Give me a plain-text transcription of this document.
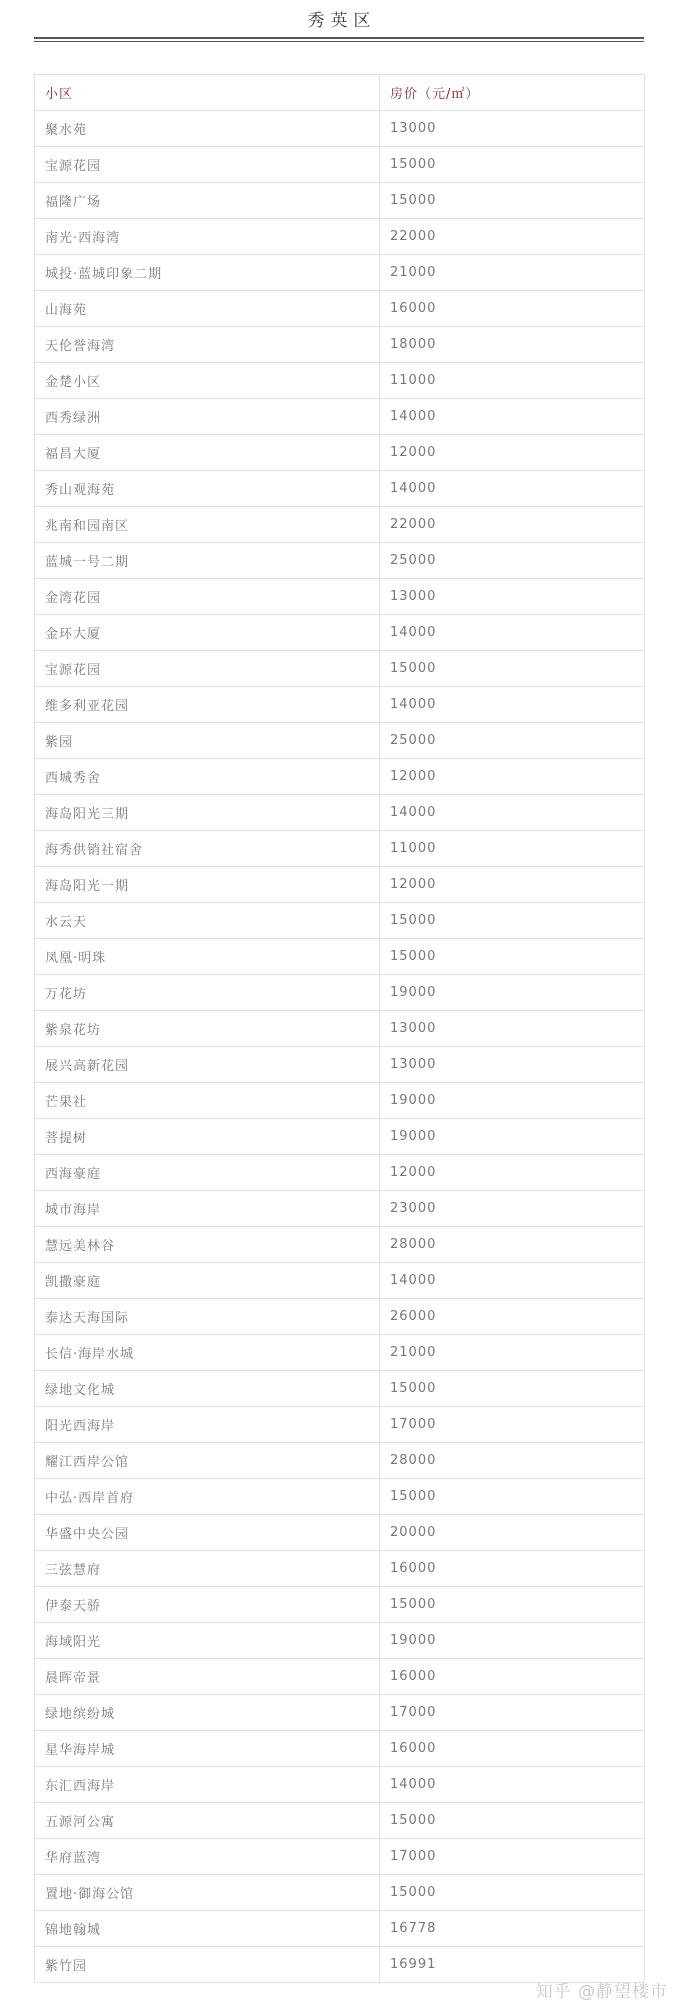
秀英区
小区	房价（元/㎡）
聚水苑	13000
宝源花园	15000
福隆广场	15000
南光·西海湾	22000
城投·蓝城印象二期	21000
山海苑	16000
天伦誉海湾	18000
金楚小区	11000
西秀绿洲	14000
福昌大厦	12000
秀山观海苑	14000
兆南和园南区	22000
蓝城一号二期	25000
金湾花园	13000
金环大厦	14000
宝源花园	15000
维多利亚花园	14000
紫园	25000
西城秀舍	12000
海岛阳光三期	14000
海秀供销社宿舍	11000
海岛阳光一期	12000
水云天	15000
凤凰·明珠	15000
万花坊	19000
紫泉花坊	13000
展兴高新花园	13000
芒果社	19000
菩提树	19000
西海豪庭	12000
城市海岸	23000
慧远美林谷	28000
凯撒豪庭	14000
泰达天海国际	26000
长信·海岸水城	21000
绿地文化城	15000
阳光西海岸	17000
耀江西岸公馆	28000
中弘·西岸首府	15000
华盛中央公园	20000
三弦慧府	16000
伊泰天骄	15000
海域阳光	19000
晨晖帝景	16000
绿地缤纷城	17000
星华海岸城	16000
东汇西海岸	14000
五源河公寓	15000
华府蓝湾	17000
置地·御海公馆	15000
锦地翰城	16778
紫竹园	16991
知乎 @静望楼市
